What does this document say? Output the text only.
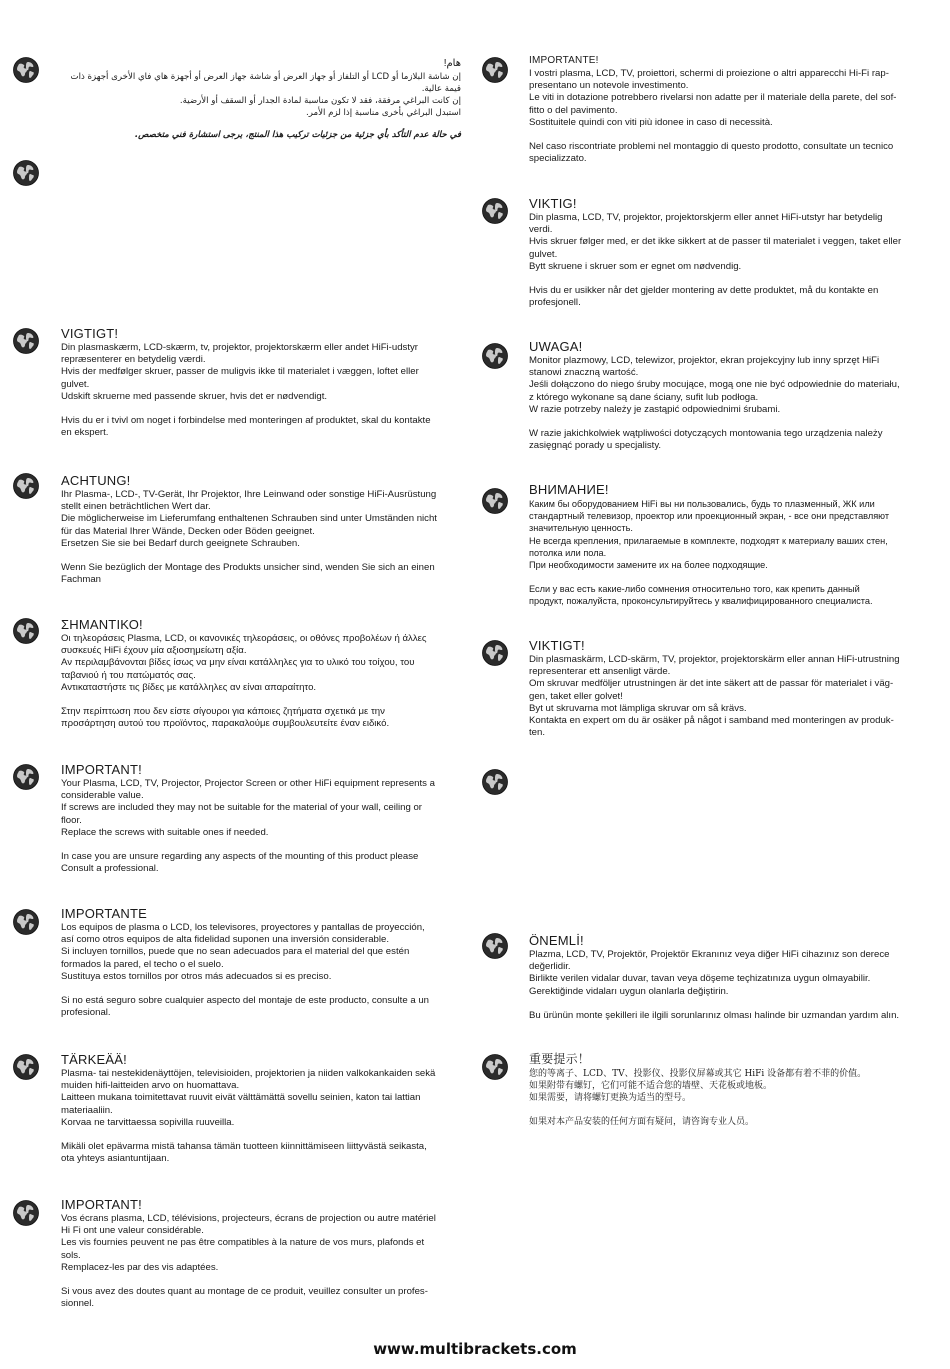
هام!

إن شاشة البلازما أو LCD أو التلفاز أو جهاز العرض أو شاشة جهاز العرض أو أجهزة هاي فاي الأخرى أجهزة ذات قيمة عالية.
إن كانت البراغي مرفقة، فقد لا تكون مناسبة لمادة الجدار أو السقف أو الأرضية.
استبدل البراغي بأخرى مناسبة إذا لزم الأمر.

في حالة عدم التأكد بأي جزئية من جزئيات تركيب هذا المنتج، يرجى استشارة فني متخصص.

VIGTIGT!

Din plasmaskærm, LCD-skærm, tv, projektor, projektorskærm eller andet HiFi-udstyr
repræsenterer en betydelig værdi.
Hvis der medfølger skruer, passer de muligvis ikke til materialet i væggen, loftet eller
gulvet.
Udskift skruerne med passende skruer, hvis det er nødvendigt.

Hvis du er i tvivl om noget i forbindelse med monteringen af produktet, skal du kontakte
en ekspert.

ACHTUNG!

Ihr Plasma-, LCD-, TV-Gerät, Ihr Projektor, Ihre Leinwand oder sonstige HiFi-Ausrüstung
stellt einen beträchtlichen Wert dar.
Die möglicherweise im Lieferumfang enthaltenen Schrauben sind unter Umständen nicht
für das Material Ihrer Wände, Decken oder Böden geeignet.
Ersetzen Sie sie bei Bedarf durch geeignete Schrauben.

Wenn Sie bezüglich der Montage des Produkts unsicher sind, wenden Sie sich an einen
Fachman

ΣΗΜΑΝΤΙΚΟ!

Οι τηλεοράσεις Plasma, LCD, οι κανονικές τηλεοράσεις, οι οθόνες προβολέων ή άλλες
συσκευές HiFi έχουν μία αξιοσημείωτη αξία.
Αν περιλαμβάνονται βίδες ίσως να μην είναι κατάλληλες για το υλικό του τοίχου, του
ταβανιού ή του πατώματός σας.
Αντικαταστήστε τις βίδες με κατάλληλες αν είναι απαραίτητο.

Στην περίπτωση που δεν είστε σίγουροι για κάποιες ζητήματα σχετικά με την
προσάρτηση αυτού του προϊόντος, παρακαλούμε συμβουλευτείτε έναν ειδικό.

IMPORTANT!

Your Plasma, LCD, TV, Projector, Projector Screen or other HiFi equipment represents a
considerable value.
If screws are included they may not be suitable for the material of your wall, ceiling or
floor.
Replace the screws with suitable ones if needed.

In case you are unsure regarding any aspects of the mounting of this product please
Consult a professional.

IMPORTANTE

Los equipos de plasma o LCD, los televisores, proyectores y pantallas de proyección,
así como otros equipos de alta fidelidad suponen una inversión considerable.
Si incluyen tornillos, puede que no sean adecuados para el material del que estén
formados la pared, el techo o el suelo.
Sustituya estos tornillos por otros más adecuados si es preciso.

Si no está seguro sobre cualquier aspecto del montaje de este producto, consulte a un
profesional.

TÄRKEÄÄ!

Plasma- tai nestekidenäyttöjen, televisioiden, projektorien ja niiden valkokankaiden sekä
muiden hifi-laitteiden arvo on huomattava.
Laitteen mukana toimitettavat ruuvit eivät välttämättä sovellu seinien, katon tai lattian
materiaaliin.
Korvaa ne tarvittaessa sopivilla ruuveilla.

Mikäli olet epävarma mistä tahansa tämän tuotteen kiinnittämiseen liittyvästä seikasta,
ota yhteys asiantuntijaan.

IMPORTANT!

Vos écrans plasma, LCD, télévisions, projecteurs, écrans de projection ou autre matériel
Hi Fi ont une valeur considérable.
Les vis fournies peuvent ne pas être compatibles à la nature de vos murs, plafonds et
sols.
Remplacez-les par des vis adaptées.

Si vous avez des doutes quant au montage de ce produit, veuillez consulter un profes-
sionnel.

IMPORTANTE!

I vostri plasma, LCD, TV, proiettori, schermi di proiezione o altri apparecchi Hi-Fi rap-
presentano un notevole investimento.
Le viti in dotazione potrebbero rivelarsi non adatte per il materiale della parete, del sof-
fitto o del pavimento.
Sostituitele quindi con viti più idonee in caso di necessità.

Nel caso riscontriate problemi nel montaggio di questo prodotto, consultate un tecnico
specializzato.

VIKTIG!

Din plasma, LCD, TV, projektor, projektorskjerm eller annet HiFi-utstyr har betydelig
verdi.
Hvis skruer følger med, er det ikke sikkert at de passer til materialet i veggen, taket eller
gulvet.
Bytt skruene i skruer som er egnet om nødvendig.

Hvis du er usikker når det gjelder montering av dette produktet, må du kontakte en
profesjonell.

UWAGA!

Monitor plazmowy, LCD, telewizor, projektor, ekran projekcyjny lub inny sprzęt HiFi
stanowi znaczną wartość.
Jeśli dołączono do niego śruby mocujące, mogą one nie być odpowiednie do materiału,
z którego wykonane są dane ściany, sufit lub podłoga.
W razie potrzeby należy je zastąpić odpowiednimi śrubami.

W razie jakichkolwiek wątpliwości dotyczących montowania tego urządzenia należy
zasięgnąć porady u specjalisty.

ВНИМАНИЕ!

Каким бы оборудованием HiFi вы ни пользовались, будь то плазменный, ЖК или
стандартный телевизор, проектор или проекционный экран, - все они представляют
значительную ценность.
Не всегда крепления, прилагаемые в комплекте, подходят к материалу ваших стен,
потолка или пола.
При необходимости замените их на более подходящие.

Если у вас есть какие-либо сомнения относительно того, как крепить данный
продукт, пожалуйста, проконсультируйтесь у квалифицированного специалиста.

VIKTIGT!

Din plasmaskärm, LCD-skärm, TV, projektor, projektorskärm eller annan HiFi-utrustning
representerar ett ansenligt värde.
Om skruvar medföljer utrustningen är det inte säkert att de passar för materialet i väg-
gen, taket eller golvet!
Byt ut skruvarna mot lämpliga skruvar om så krävs.
Kontakta en expert om du är osäker på något i samband med monteringen av produk-
ten.

ÖNEMLİ!

Plazma, LCD, TV, Projektör, Projektör Ekranınız veya diğer HiFi cihazınız son derece
değerlidir.
Birlikte verilen vidalar duvar, tavan veya döşeme teçhizatınıza uygun olmayabilir.
Gerektiğinde vidaları uygun olanlarla değiştirin.

Bu ürünün monte şekilleri ile ilgili sorunlarınız olması halinde bir uzmandan yardım alın.

重要提示！

您的等离子、LCD、TV、投影仪、投影仪屏幕或其它 HiFi 设备都有着不菲的价值。
如果附带有螺钉，它们可能不适合您的墙壁、天花板或地板。
如果需要，请将螺钉更换为适当的型号。

如果对本产品安装的任何方面有疑问，请咨询专业人员。

www.multibrackets.com
